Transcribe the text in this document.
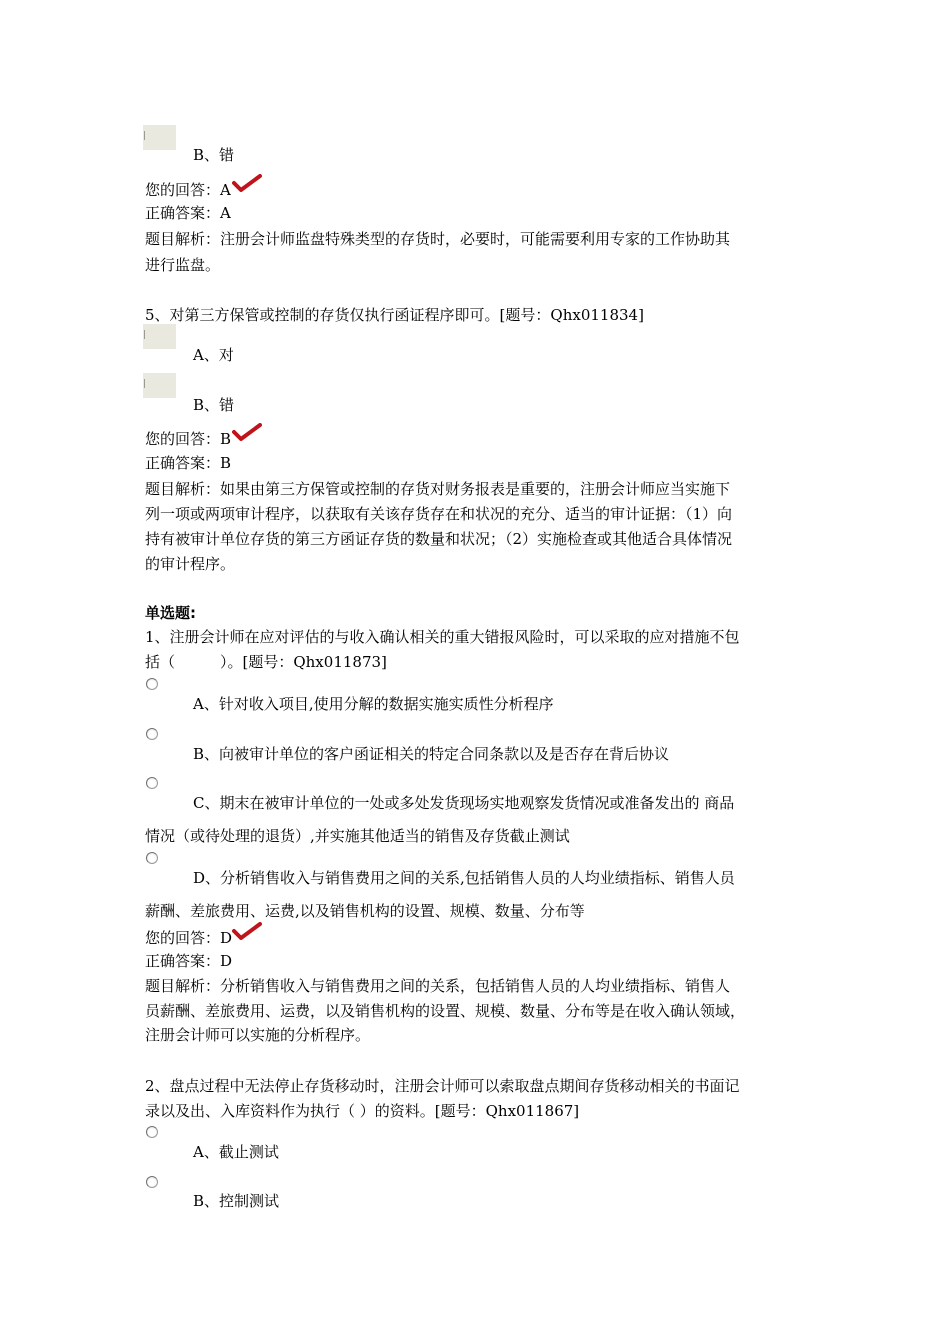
B、错
您的回答：A
正确答案：A
题目解析：注册会计师监盘特殊类型的存货时，必要时，可能需要利用专家的工作协助其
进行监盘。
5、对第三方保管或控制的存货仅执行函证程序即可。[题号：Qhx011834]
A、对
B、错
您的回答：B
正确答案：B
题目解析：如果由第三方保管或控制的存货对财务报表是重要的，注册会计师应当实施下
列一项或两项审计程序，以获取有关该存货存在和状况的充分、适当的审计证据：（1）向
持有被审计单位存货的第三方函证存货的数量和状况；（2）实施检查或其他适合具体情况
的审计程序。
单选题:
1、注册会计师在应对评估的与收入确认相关的重大错报风险时，可以采取的应对措施不包
括（　　　）。[题号：Qhx011873]
A、针对收入项目,使用分解的数据实施实质性分析程序
B、向被审计单位的客户函证相关的特定合同条款以及是否存在背后协议
C、期末在被审计单位的一处或多处发货现场实地观察发货情况或准备发出的 商品
情况（或待处理的退货）,并实施其他适当的销售及存货截止测试
D、分析销售收入与销售费用之间的关系,包括销售人员的人均业绩指标、销售人员
薪酬、差旅费用、运费,以及销售机构的设置、规模、数量、分布等
您的回答：D
正确答案：D
题目解析：分析销售收入与销售费用之间的关系，包括销售人员的人均业绩指标、销售人
员薪酬、差旅费用、运费，以及销售机构的设置、规模、数量、分布等是在收入确认领域，
注册会计师可以实施的分析程序。
2、盘点过程中无法停止存货移动时，注册会计师可以索取盘点期间存货移动相关的书面记
录以及出、入库资料作为执行（ ）的资料。[题号：Qhx011867]
A、截止测试
B、控制测试
